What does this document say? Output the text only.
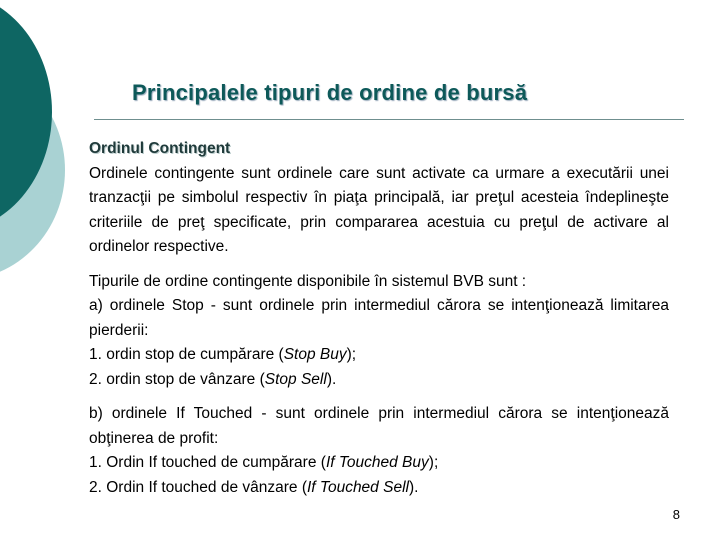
Principalele tipuri de ordine de bursă
Ordinul Contingent
Ordinele contingente sunt ordinele care sunt activate ca urmare a executării unei tranzacţii pe simbolul respectiv în piaţa principală, iar preţul acesteia îndeplineşte criteriile de preţ specificate, prin compararea acestuia cu preţul de activare al ordinelor respective.
Tipurile de ordine contingente disponibile în sistemul BVB sunt :
a) ordinele Stop - sunt ordinele prin intermediul cărora se intenţionează limitarea pierderii:
1. ordin stop de cumpărare (Stop Buy);
2. ordin stop de vânzare (Stop Sell).
b) ordinele If Touched - sunt ordinele prin intermediul cărora se intenţionează obţinerea de profit:
1. Ordin If touched de cumpărare (If Touched Buy);
2. Ordin If touched de vânzare (If Touched Sell).
8
